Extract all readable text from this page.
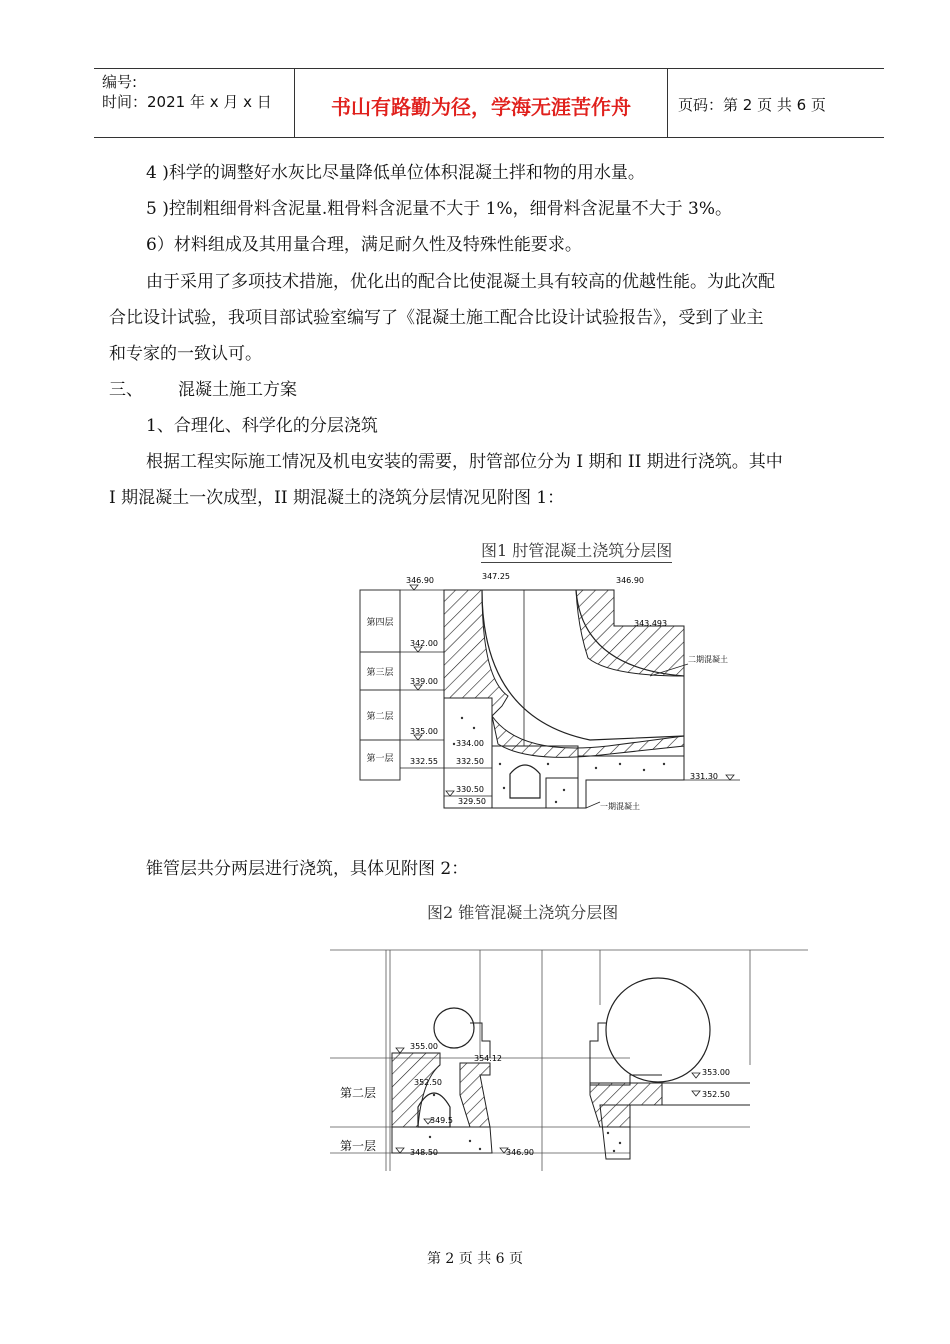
编号:
时间：2021 年 x 月 x 日	书山有路勤为径，学海无涯苦作舟	页码：第 2 页 共 6 页
4 )科学的调整好水灰比尽量降低单位体积混凝土拌和物的用水量。
5 )控制粗细骨料含泥量.粗骨料含泥量不大于 1%，细骨料含泥量不大于 3%。
6）材料组成及其用量合理，满足耐久性及特殊性能要求。
由于采用了多项技术措施，优化出的配合比使混凝土具有较高的优越性能。为此次配
合比设计试验，我项目部试验室编写了《混凝土施工配合比设计试验报告》，受到了业主
和专家的一致认可。
三、 混凝土施工方案
1、合理化、科学化的分层浇筑
根据工程实际施工情况及机电安装的需要，肘管部位分为 I 期和 II 期进行浇筑。其中
I 期混凝土一次成型，II 期混凝土的浇筑分层情况见附图 1：
图1 肘管混凝土浇筑分层图
第四层
第三层
第二层
第一层
346.90	347.25	346.90
343.493
342.00
339.00
335.00
334.00
332.55 332.50
330.50
329.50
331.30
二期混凝土
一期混凝土
锥管层共分两层进行浇筑，具体见附图 2：
图2 锥管混凝土浇筑分层图
第二层
第一层
355.00
354.12
352.50
349.5
348.50	346.90
353.00
352.50
第 2 页 共 6 页
